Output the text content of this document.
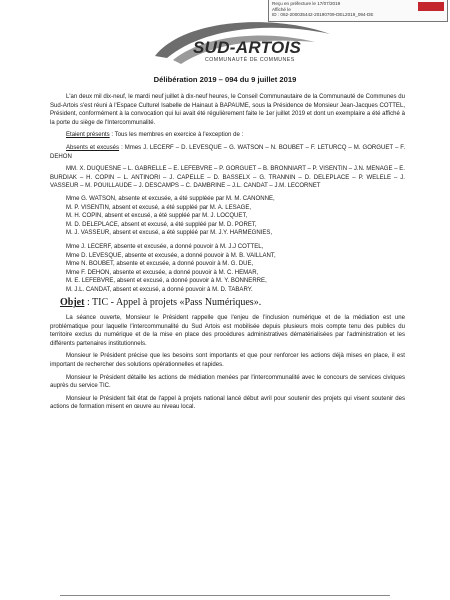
Reçu en préfecture le 17/07/2019
Affiché le
ID : 062-200035442-20190709-DEL2019_094-DE
SUD-ARTOIS
COMMUNAUTÉ DE COMMUNES
Délibération 2019 – 094 du 9 juillet 2019

L'an deux mil dix-neuf, le mardi neuf juillet à dix-neuf heures, le Conseil Communautaire de la Communauté de Communes du Sud-Artois s'est réuni à l'Espace Culturel Isabelle de Hainaut à BAPAUME, sous la Présidence de Monsieur Jean-Jacques COTTEL, Président, conformément à la convocation qui lui avait été régulièrement faite le 1er juillet 2019 et dont un exemplaire a été affiché à la porte du siège de l'Intercommunalité.

Etaient présents : Tous les membres en exercice à l'exception de :

Absents et excusés : Mmes J. LECERF – D. LEVESQUE – G. WATSON – N. BOUBET – F. LETURCQ – M. GORGUET – F. DEHON

MM. X. DUQUESNE – L. GABRELLE – E. LEFEBVRE – P. GORGUET – B. BRONNIART – P. VISENTIN – J.N. MENAGE – E. BURDIAK – H. COPIN – L. ANTINORI – J. CAPELLE – D. BASSELX – G. TRANNIN – D. DELEPLACE – P. WELELE – J. VASSEUR – M. POUILLAUDE – J. DESCAMPS – C. DAMBRINE – J.L. CANDAT – J.M. LECORNET

Mme G. WATSON, absente et excusée, a été suppléée par M. M. CANONNE,
M. P. VISENTIN, absent et excusé, a été suppléé par M. A. LESAGE,
M. H. COPIN, absent et excusé, a été suppléé par M. J. LOCQUET,
M. D. DELEPLACE, absent et excusé, a été suppléé par M. D. PORET,
M. J. VASSEUR, absent et excusé, a été suppléé par M. J.Y. HARMEGNIES,
Mme J. LECERF, absente et excusée, a donné pouvoir à M. J.J COTTEL,
Mme D. LEVESQUE, absente et excusée, a donné pouvoir à M. B. VAILLANT,
Mme N. BOUBET, absente et excusée, a donné pouvoir à M. G. DUE,
Mme F. DEHON, absente et excusée, a donné pouvoir à M. C. HEMAR,
M. E. LEFEBVRE, absent et excusé, a donné pouvoir à M. Y. BONNERRE,
M. J.L. CANDAT, absent et excusé, a donné pouvoir à M. D. TABARY.
Objet : TIC - Appel à projets «Pass Numériques».

La séance ouverte, Monsieur le Président rappelle que l'enjeu de l'inclusion numérique et de la médiation est une problématique pour laquelle l'intercommunalité du Sud Artois est mobilisée depuis plusieurs mois compte tenu des publics du territoire exclus du numérique et de la mise en place des procédures administratives dématérialisées par l'administration et les différents partenaires institutionnels.

Monsieur le Président précise que les besoins sont importants et que pour renforcer les actions déjà mises en place, il est important de rechercher des solutions opérationnelles et rapides.

Monsieur le Président détaille les actions de médiation menées par l'intercommunalité avec le concours de services civiques auprès du service TIC.

Monsieur le Président fait état de l'appel à projets national lancé début avril pour soutenir des projets qui visent soutenir des actions de formation misent en œuvre au niveau local.
